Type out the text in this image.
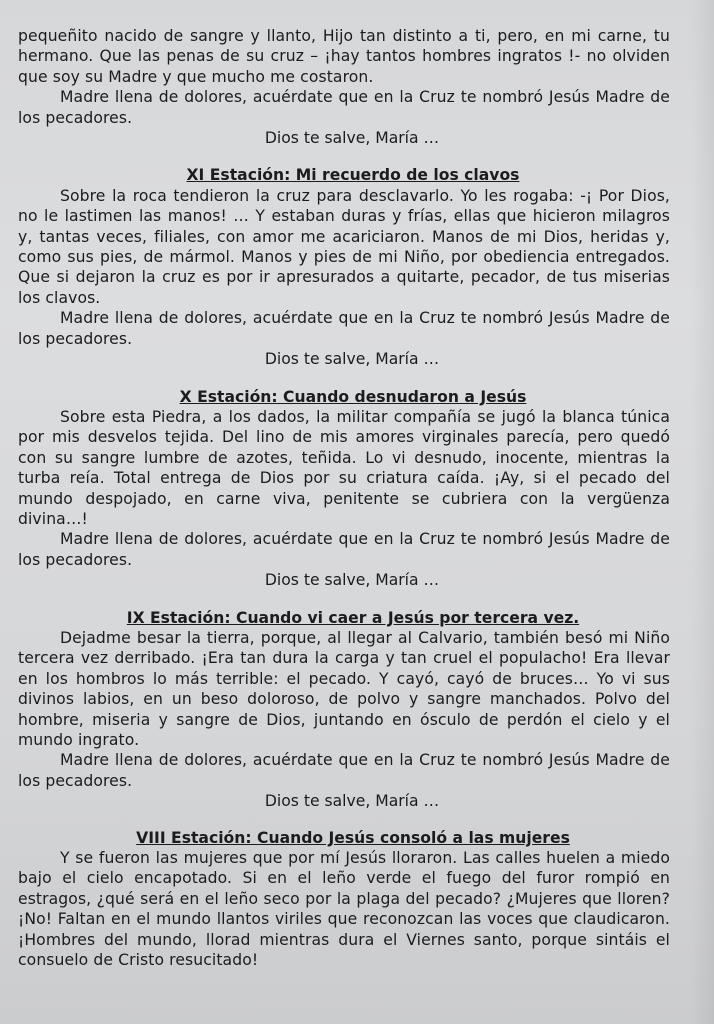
pequeñito nacido de sangre y llanto, Hijo tan distinto a ti, pero, en mi carne, tu hermano. Que las penas de su cruz – ¡hay tantos hombres ingratos !- no olviden que soy su Madre y que mucho me costaron.

Madre llena de dolores, acuérdate que en la Cruz te nombró Jesús Madre de los pecadores.

Dios te salve, María …

XI Estación: Mi recuerdo de los clavos

Sobre la roca tendieron la cruz para desclavarlo. Yo les rogaba: -¡ Por Dios, no le lastimen las manos! … Y estaban duras y frías, ellas que hicieron milagros y, tantas veces, filiales, con amor me acariciaron. Manos de mi Dios, heridas y, como sus pies, de mármol. Manos y pies de mi Niño, por obediencia entregados. Que si dejaron la cruz es por ir apresurados a quitarte, pecador, de tus miserias los clavos.

Madre llena de dolores, acuérdate que en la Cruz te nombró Jesús Madre de los pecadores.

Dios te salve, María …

X Estación: Cuando desnudaron a Jesús

Sobre esta Piedra, a los dados, la militar compañía se jugó la blanca túnica por mis desvelos tejida. Del lino de mis amores virginales parecía, pero quedó con su sangre lumbre de azotes, teñida. Lo vi desnudo, inocente, mientras la turba reía. Total entrega de Dios por su criatura caída. ¡Ay, si el pecado del mundo despojado, en carne viva, penitente se cubriera con la vergüenza divina…!

Madre llena de dolores, acuérdate que en la Cruz te nombró Jesús Madre de los pecadores.

Dios te salve, María …

IX Estación: Cuando vi caer a Jesús por tercera vez.

Dejadme besar la tierra, porque, al llegar al Calvario, también besó mi Niño tercera vez derribado. ¡Era tan dura la carga y tan cruel el populacho! Era llevar en los hombros lo más terrible: el pecado. Y cayó, cayó de bruces… Yo vi sus divinos labios, en un beso doloroso, de polvo y sangre manchados. Polvo del hombre, miseria y sangre de Dios, juntando en ósculo de perdón el cielo y el mundo ingrato.

Madre llena de dolores, acuérdate que en la Cruz te nombró Jesús Madre de los pecadores.

Dios te salve, María …

VIII Estación: Cuando Jesús consoló a las mujeres

Y se fueron las mujeres que por mí Jesús lloraron. Las calles huelen a miedo bajo el cielo encapotado. Si en el leño verde el fuego del furor rompió en estragos, ¿qué será en el leño seco por la plaga del pecado? ¿Mujeres que lloren? ¡No! Faltan en el mundo llantos viriles que reconozcan las voces que claudicaron. ¡Hombres del mundo, llorad mientras dura el Viernes santo, porque sintáis el consuelo de Cristo resucitado!
